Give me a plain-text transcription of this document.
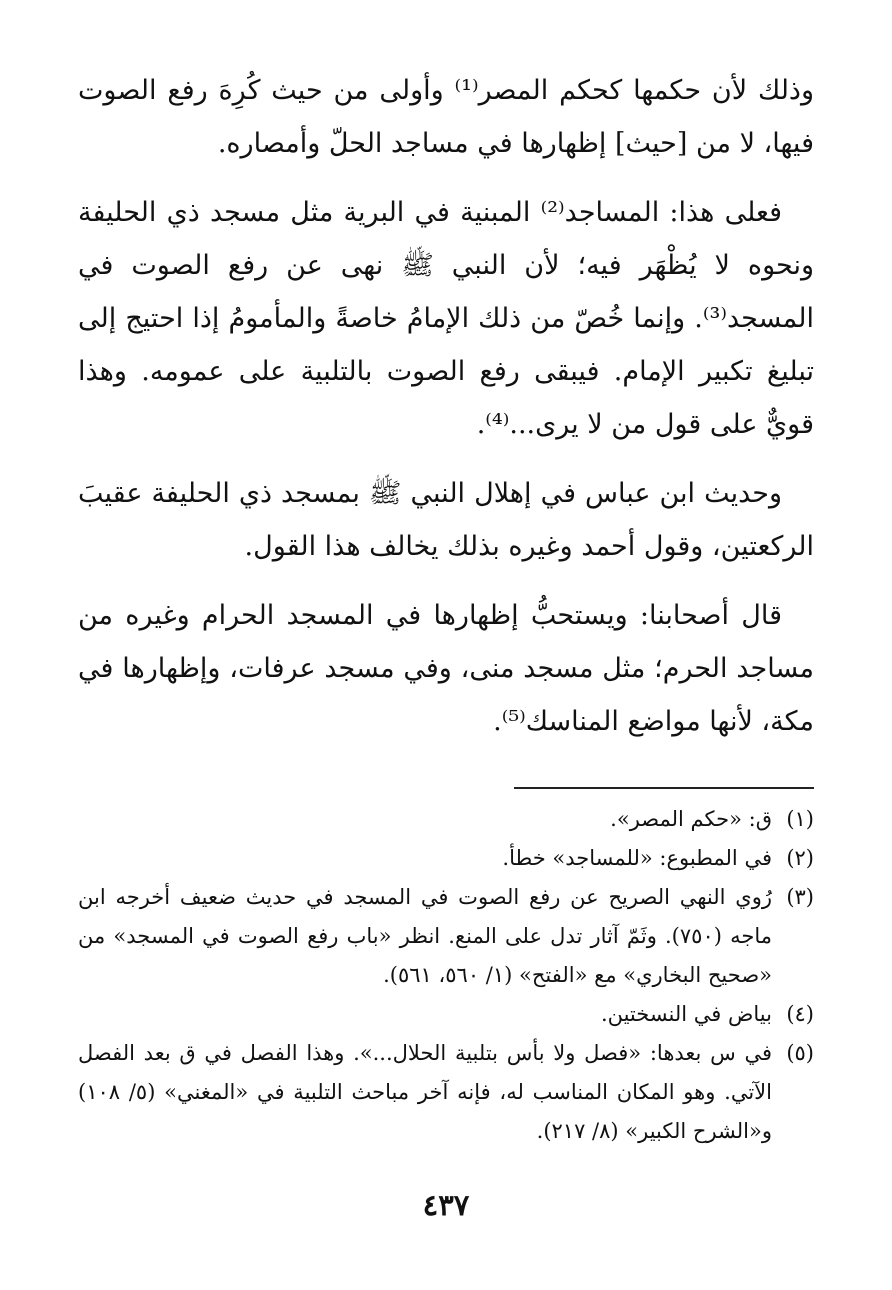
وذلك لأن حكمها كحكم المصر⁽¹⁾ وأولى من حيث كُرِهَ رفع الصوت فيها، لا من [حيث] إظهارها في مساجد الحلّ وأمصاره.

فعلى هذا: المساجد⁽²⁾ المبنية في البرية مثل مسجد ذي الحليفة ونحوه لا يُظْهَر فيه؛ لأن النبي ﷺ نهى عن رفع الصوت في المسجد⁽³⁾. وإنما خُصّ من ذلك الإمامُ خاصةً والمأمومُ إذا احتيج إلى تبليغ تكبير الإمام. فيبقى رفع الصوت بالتلبية على عمومه. وهذا قويٌّ على قول من لا يرى...⁽⁴⁾.

وحديث ابن عباس في إهلال النبي ﷺ بمسجد ذي الحليفة عقيبَ الركعتين، وقول أحمد وغيره بذلك يخالف هذا القول.

قال أصحابنا: ويستحبُّ إظهارها في المسجد الحرام وغيره من مساجد الحرم؛ مثل مسجد منى، وفي مسجد عرفات، وإظهارها في مكة، لأنها مواضع المناسك⁽⁵⁾.

(١)
ق: «حكم المصر».
(٢)
في المطبوع: «للمساجد» خطأ.
(٣)
رُوي النهي الصريح عن رفع الصوت في المسجد في حديث ضعيف أخرجه ابن ماجه (٧٥٠). وثَمّ آثار تدل على المنع. انظر «باب رفع الصوت في المسجد» من «صحيح البخاري» مع «الفتح» (١/ ٥٦٠، ٥٦١).
(٤)
بياض في النسختين.
(٥)
في س بعدها: «فصل ولا بأس بتلبية الحلال...». وهذا الفصل في ق بعد الفصل الآتي. وهو المكان المناسب له، فإنه آخر مباحث التلبية في «المغني» (٥/ ١٠٨) و«الشرح الكبير» (٨/ ٢١٧).
٤٣٧
